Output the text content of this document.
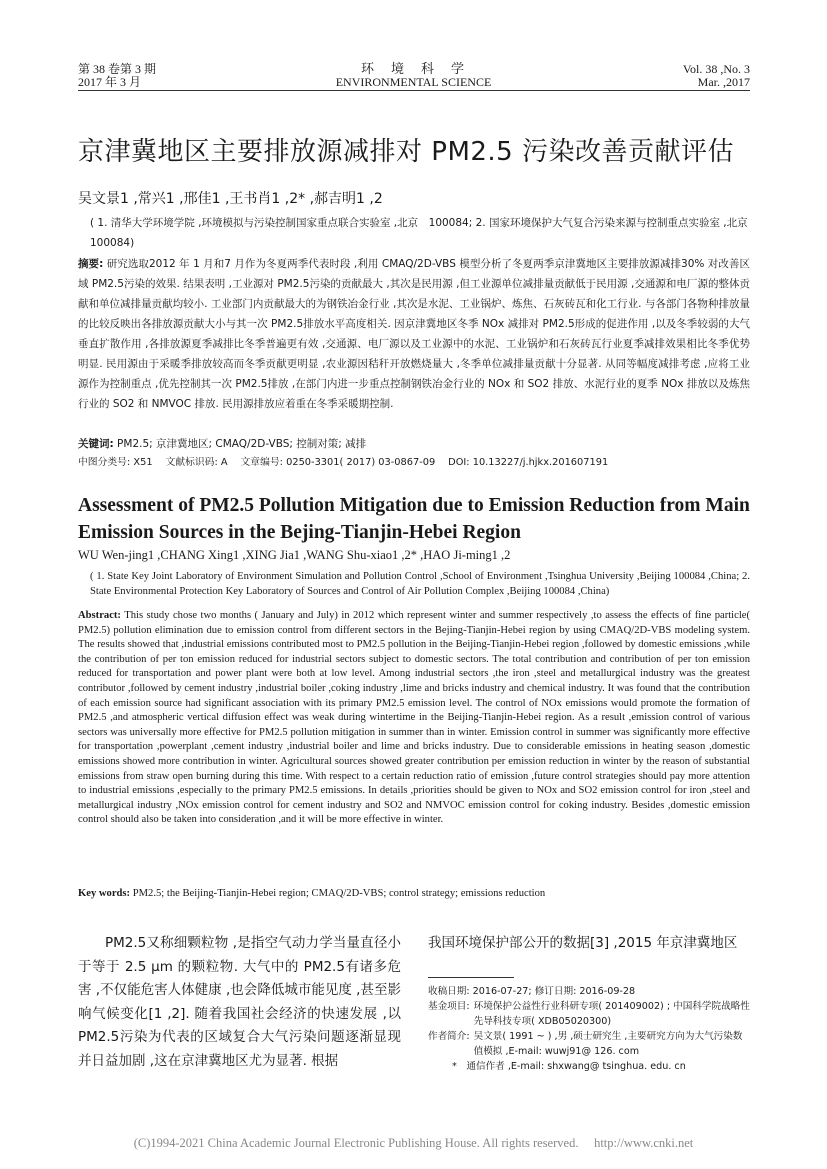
第 38 卷第 3 期
2017 年 3 月
环　境　科　学
ENVIRONMENTAL SCIENCE
Vol. 38 ,No. 3
Mar. ,2017
京津冀地区主要排放源减排对 PM2.5 污染改善贡献评估
吴文景1 ,常兴1 ,邢佳1 ,王书肖1 ,2* ,郝吉明1 ,2
( 1. 清华大学环境学院 ,环境模拟与污染控制国家重点联合实验室 ,北京　100084; 2. 国家环境保护大气复合污染来源与控制重点实验室 ,北京　100084)
摘要: 研究选取2012 年 1 月和7 月作为冬夏两季代表时段 ,利用 CMAQ/2D-VBS 模型分析了冬夏两季京津冀地区主要排放源减排30% 对改善区域 PM2.5污染的效果. 结果表明 ,工业源对 PM2.5污染的贡献最大 ,其次是民用源 ,但工业源单位减排量贡献低于民用源 ,交通源和电厂源的整体贡献和单位减排量贡献均较小. 工业部门内贡献最大的为钢铁冶金行业 ,其次是水泥、工业锅炉、炼焦、石灰砖瓦和化工行业. 与各部门各物种排放量的比较反映出各排放源贡献大小与其一次 PM2.5排放水平高度相关. 因京津冀地区冬季 NOx 减排对 PM2.5形成的促进作用 ,以及冬季较弱的大气垂直扩散作用 ,各排放源夏季减排比冬季普遍更有效 ,交通源、电厂源以及工业源中的水泥、工业锅炉和石灰砖瓦行业夏季减排效果相比冬季优势明显. 民用源由于采暖季排放较高而冬季贡献更明显 ,农业源因秸秆开放燃烧量大 ,冬季单位减排量贡献十分显著. 从同等幅度减排考虑 ,应将工业源作为控制重点 ,优先控制其一次 PM2.5排放 ,在部门内进一步重点控制钢铁冶金行业的 NOx 和 SO2 排放、水泥行业的夏季 NOx 排放以及炼焦行业的 SO2 和 NMVOC 排放. 民用源排放应着重在冬季采暖期控制.
关键词: PM2.5; 京津冀地区; CMAQ/2D-VBS; 控制对策; 减排
中图分类号: X51　 文献标识码: A　 文章编号: 0250-3301( 2017) 03-0867-09　 DOI: 10.13227/j.hjkx.201607191
Assessment of PM2.5 Pollution Mitigation due to Emission Reduction from Main Emission Sources in the Bejing-Tianjin-Hebei Region
WU Wen-jing1 ,CHANG Xing1 ,XING Jia1 ,WANG Shu-xiao1 ,2* ,HAO Ji-ming1 ,2
( 1. State Key Joint Laboratory of Environment Simulation and Pollution Control ,School of Environment ,Tsinghua University ,Beijing 100084 ,China; 2. State Environmental Protection Key Laboratory of Sources and Control of Air Pollution Complex ,Beijing 100084 ,China)
Abstract: This study chose two months ( January and July) in 2012 which represent winter and summer respectively ,to assess the effects of fine particle( PM2.5) pollution elimination due to emission control from different sectors in the Bejing-Tianjin-Hebei region by using CMAQ/2D-VBS modeling system. The results showed that ,industrial emissions contributed most to PM2.5 pollution in the Beijing-Tianjin-Hebei region ,followed by domestic emissions ,while the contribution of per ton emission reduced for industrial sectors subject to domestic sectors. The total contribution and contribution of per ton emission reduced for transportation and power plant were both at low level. Among industrial sectors ,the iron ,steel and metallurgical industry was the greatest contributor ,followed by cement industry ,industrial boiler ,coking industry ,lime and bricks industry and chemical industry. It was found that the contribution of each emission source had significant association with its primary PM2.5 emission level. The control of NOx emissions would promote the formation of PM2.5 ,and atmospheric vertical diffusion effect was weak during wintertime in the Beijing-Tianjin-Hebei region. As a result ,emission control of various sectors was universally more effective for PM2.5 pollution mitigation in summer than in winter. Emission control in summer was significantly more effective for transportation ,powerplant ,cement industry ,industrial boiler and lime and bricks industry. Due to considerable emissions in heating season ,domestic emissions showed more contribution in winter. Agricultural sources showed greater contribution per emission reduction in winter by the reason of substantial emissions from straw open burning during this time. With respect to a certain reduction ratio of emission ,future control strategies should pay more attention to industrial emissions ,especially to the primary PM2.5 emissions. In details ,priorities should be given to NOx and SO2 emission control for iron ,steel and metallurgical industry ,NOx emission control for cement industry and SO2 and NMVOC emission control for coking industry. Besides ,domestic emission control should also be taken into consideration ,and it will be more effective in winter.
Key words: PM2.5; the Beijing-Tianjin-Hebei region; CMAQ/2D-VBS; control strategy; emissions reduction
PM2.5又称细颗粒物 ,是指空气动力学当量直径小于等于 2.5 μm 的颗粒物. 大气中的 PM2.5有诸多危害 ,不仅能危害人体健康 ,也会降低城市能见度 ,甚至影响气候变化[1 ,2]. 随着我国社会经济的快速发展 ,以 PM2.5污染为代表的区域复合大气污染问题逐渐显现并日益加剧 ,这在京津冀地区尤为显著. 根据
我国环境保护部公开的数据[3] ,2015 年京津冀地区
收稿日期: 2016-07-27; 修订日期: 2016-09-28
基金项目: 环境保护公益性行业科研专项( 201409002) ; 中国科学院战略性先导科技专项( XDB05020300)
作者简介: 吴文景( 1991 ~ ) ,男 ,硕士研究生 ,主要研究方向为大气污染数值模拟 ,E-mail: wuwj91@ 126. com
*　通信作者 ,E-mail: shxwang@ tsinghua. edu. cn
(C)1994-2021 China Academic Journal Electronic Publishing House. All rights reserved.　 http://www.cnki.net
